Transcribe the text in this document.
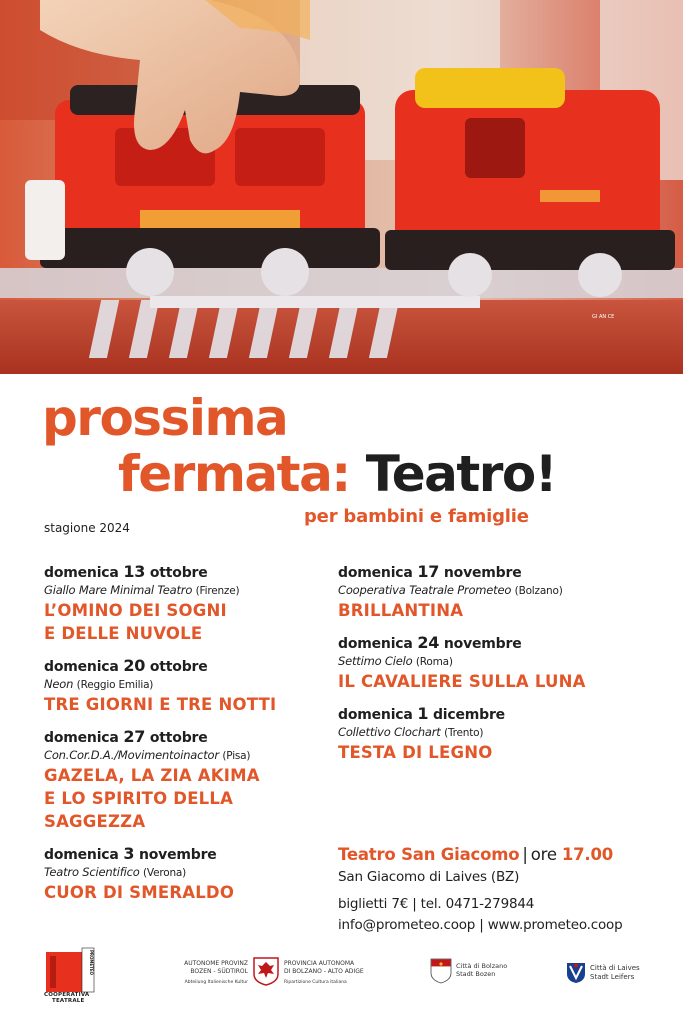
GI AN CE
prossima
fermata: Teatro!
per bambini e famiglie
stagione 2024
domenica 13 ottobre
Giallo Mare Minimal Teatro (Firenze)
L’OMINO DEI SOGNI
E DELLE NUVOLE
domenica 20 ottobre
Neon (Reggio Emilia)
TRE GIORNI E TRE NOTTI
domenica 27 ottobre
Con.Cor.D.A./Movimentoinactor (Pisa)
GAZELA, LA ZIA AKIMA
E LO SPIRITO DELLA
SAGGEZZA
domenica 3 novembre
Teatro Scientifico (Verona)
CUOR DI SMERALDO
domenica 17 novembre
Cooperativa Teatrale Prometeo (Bolzano)
BRILLANTINA
domenica 24 novembre
Settimo Cielo (Roma)
IL CAVALIERE SULLA LUNA
domenica 1 dicembre
Collettivo Clochart (Trento)
TESTA DI LEGNO
Teatro San Giacomo | ore 17.00
San Giacomo di Laives (BZ)
biglietti 7€ | tel. 0471-279844
info@prometeo.coop | www.prometeo.coop
PROMETEO
COOPERATIVA
TEATRALE
AUTONOME PROVINZ
BOZEN - SÜDTIROL
Abteilung Italienische Kultur
PROVINCIA AUTONOMA
DI BOLZANO - ALTO ADIGE
Ripartizione Cultura italiana
Città di Bolzano
Stadt Bozen
Città di Laives
Stadt Leifers
